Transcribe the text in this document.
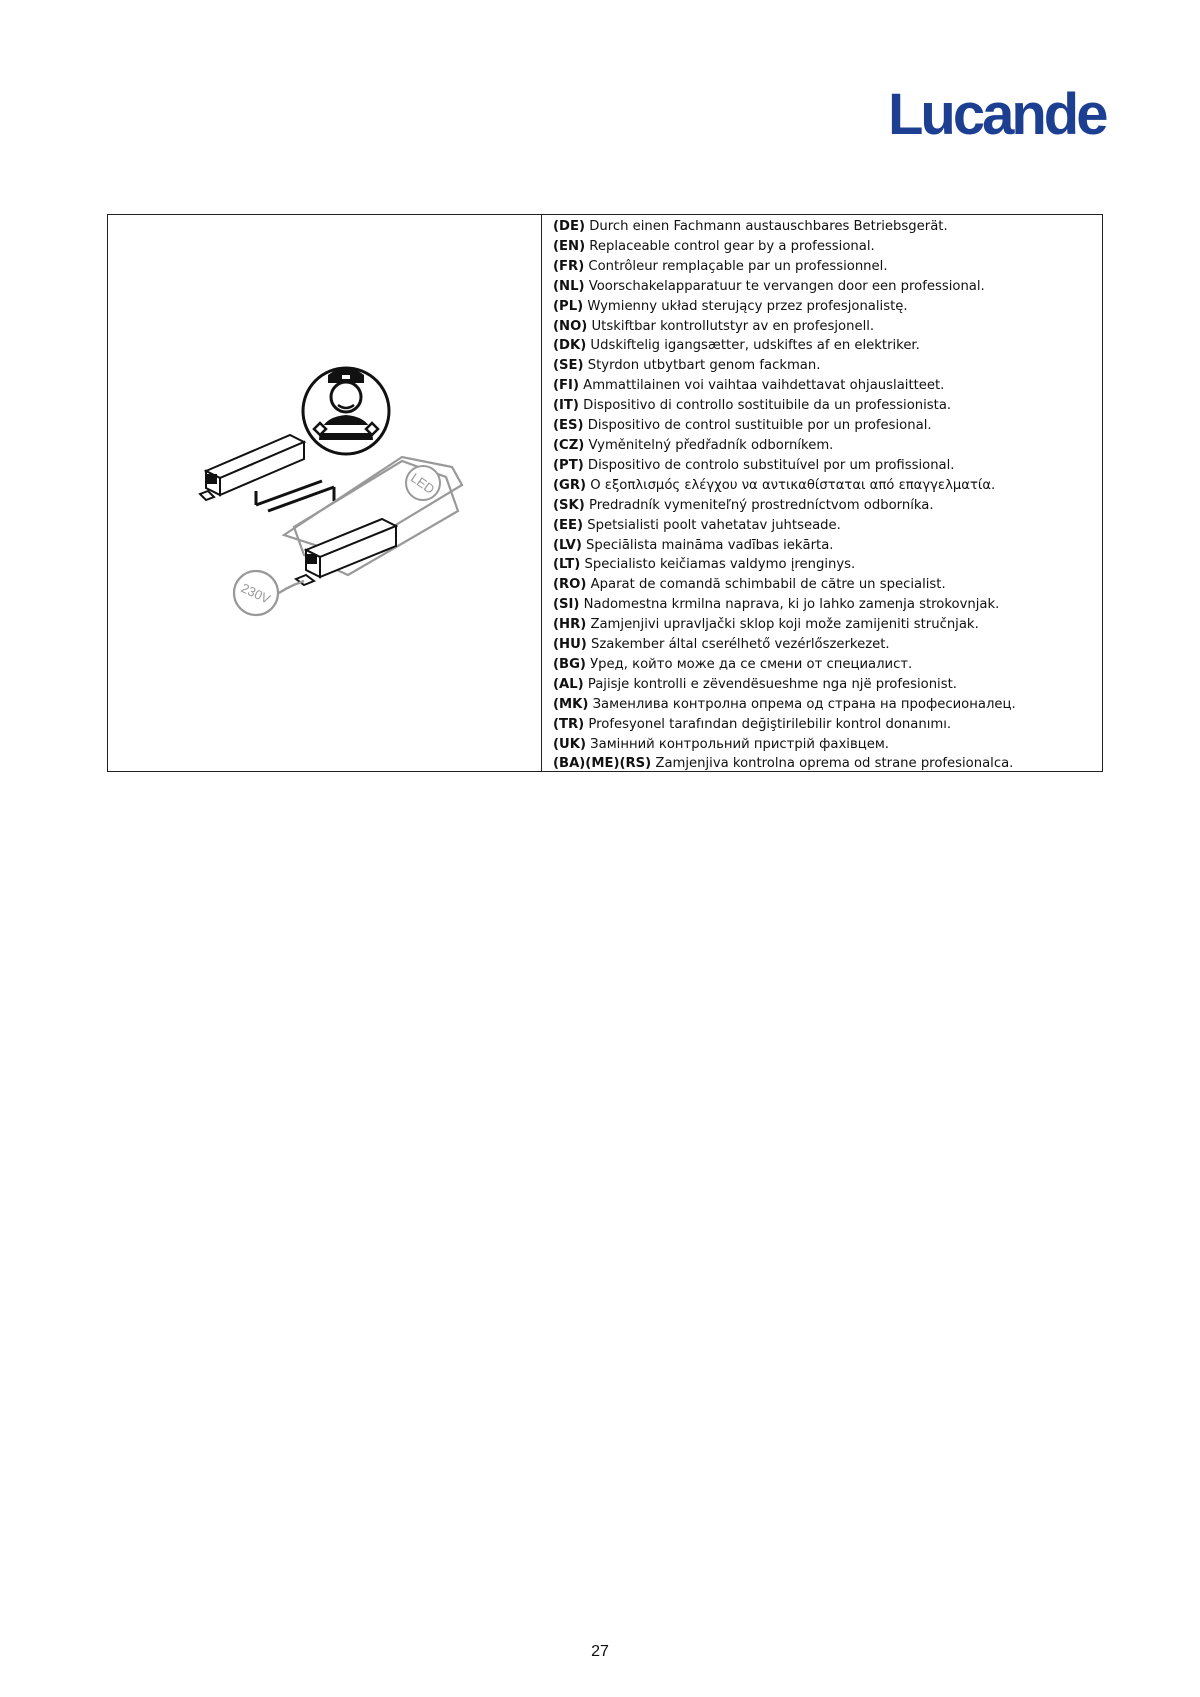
Lucande
LED
230V
(DE) Durch einen Fachmann austauschbares Betriebsgerät.
(EN) Replaceable control gear by a professional.
(FR) Contrôleur remplaçable par un professionnel.
(NL) Voorschakelapparatuur te vervangen door een professional.
(PL) Wymienny układ sterujący przez profesjonalistę.
(NO) Utskiftbar kontrollutstyr av en profesjonell.
(DK) Udskiftelig igangsætter, udskiftes af en elektriker.
(SE) Styrdon utbytbart genom fackman.
(FI) Ammattilainen voi vaihtaa vaihdettavat ohjauslaitteet.
(IT) Dispositivo di controllo sostituibile da un professionista.
(ES) Dispositivo de control sustituible por un profesional.
(CZ) Vyměnitelný předřadník odborníkem.
(PT) Dispositivo de controlo substituível por um profissional.
(GR) Ο εξοπλισμός ελέγχου να αντικαθίσταται από επαγγελματία.
(SK) Predradník vymeniteľný prostredníctvom odborníka.
(EE) Spetsialisti poolt vahetatav juhtseade.
(LV) Speciālista maināma vadības iekārta.
(LT) Specialisto keičiamas valdymo įrenginys.
(RO) Aparat de comandă schimbabil de către un specialist.
(SI) Nadomestna krmilna naprava, ki jo lahko zamenja strokovnjak.
(HR) Zamjenjivi upravljački sklop koji može zamijeniti stručnjak.
(HU) Szakember által cserélhető vezérlőszerkezet.
(BG) Уред, който може да се смени от специалист.
(AL) Pajisje kontrolli e zëvendësueshme nga një profesionist.
(MK) Заменлива контролна опрема од страна на професионалец.
(TR) Profesyonel tarafından değiştirilebilir kontrol donanımı.
(UK) Замінний контрольний пристрій фахівцем.
(BA)(ME)(RS) Zamjenjiva kontrolna oprema od strane profesionalca.
27
